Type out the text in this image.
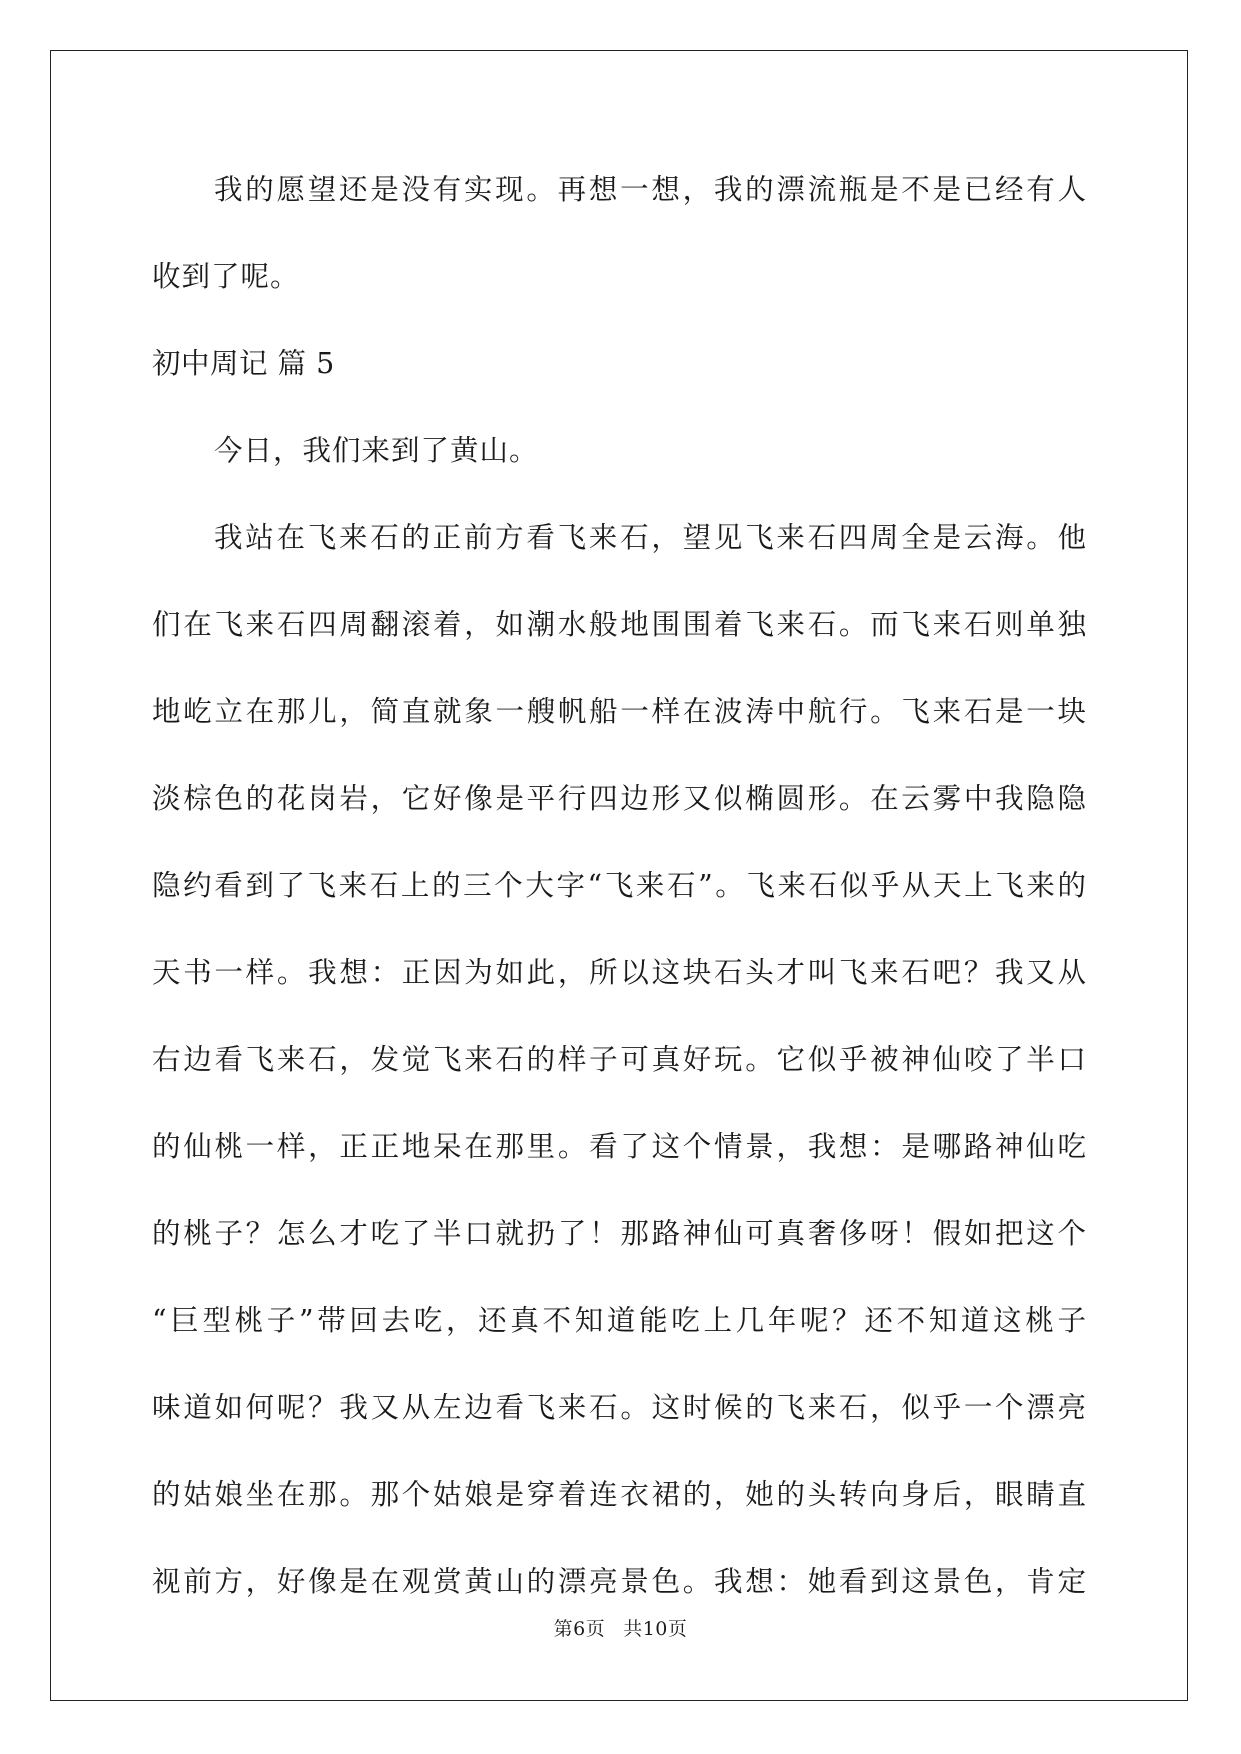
我的愿望还是没有实现。再想一想，我的漂流瓶是不是已经有人
收到了呢。
初中周记 篇 5
今日，我们来到了黄山。
我站在飞来石的正前方看飞来石，望见飞来石四周全是云海。他
们在飞来石四周翻滚着，如潮水般地围围着飞来石。而飞来石则单独
地屹立在那儿，简直就象一艘帆船一样在波涛中航行。飞来石是一块
淡棕色的花岗岩，它好像是平行四边形又似椭圆形。在云雾中我隐隐
隐约看到了飞来石上的三个大字“飞来石”。飞来石似乎从天上飞来的
天书一样。我想：正因为如此，所以这块石头才叫飞来石吧？我又从
右边看飞来石，发觉飞来石的样子可真好玩。它似乎被神仙咬了半口
的仙桃一样，正正地呆在那里。看了这个情景，我想：是哪路神仙吃
的桃子？怎么才吃了半口就扔了！那路神仙可真奢侈呀！假如把这个
“巨型桃子”带回去吃，还真不知道能吃上几年呢？还不知道这桃子
味道如何呢？我又从左边看飞来石。这时候的飞来石，似乎一个漂亮
的姑娘坐在那。那个姑娘是穿着连衣裙的，她的头转向身后，眼睛直
视前方，好像是在观赏黄山的漂亮景色。我想：她看到这景色，肯定
第6页 共10页
